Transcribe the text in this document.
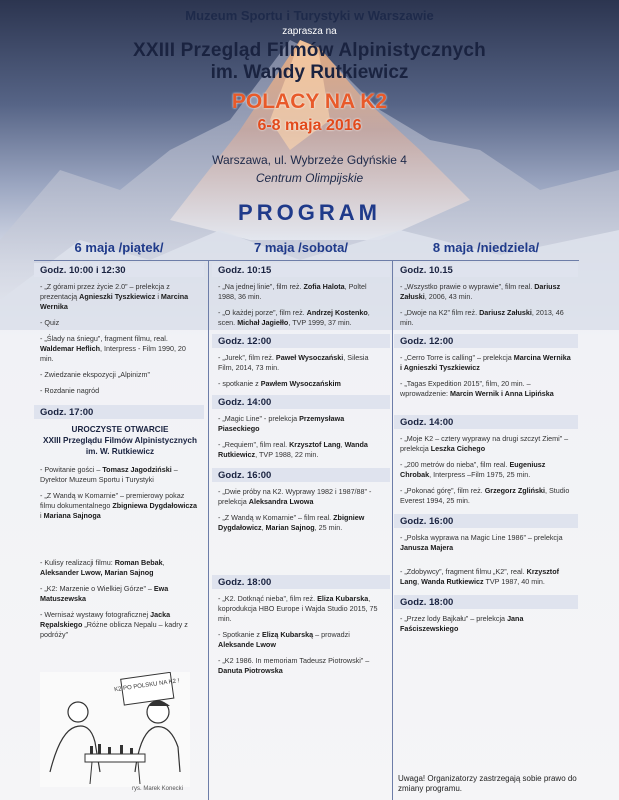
Muzeum Sportu i Turystyki w Warszawie
zaprasza na
XXIII Przegląd Filmów Alpinistycznych
im. Wandy Rutkiewicz
POLACY NA K2
6-8 maja 2016
Warszawa, ul. Wybrzeże Gdyńskie 4
Centrum Olimpijskie
PROGRAM
6 maja /piątek/
Godz. 10:00 i 12:30

- „Z górami przez życie 2.0” – prelekcja z prezentacją Agnieszki Tyszkiewicz i Marcina Wernika

- Quiz

- „Ślady na śniegu”, fragment filmu, real. Waldemar Heflich, Interpress - Film 1990, 20 min.

- Zwiedzanie ekspozycji „Alpinizm”

- Rozdanie nagród

Godz. 17:00
UROCZYSTE OTWARCIE
XXIII Przeglądu Filmów Alpinistycznych
im. W. Rutkiewicz

- Powitanie gości – Tomasz Jagodziński – Dyrektor Muzeum Sportu i Turystyki

- „Z Wandą w Komarnie” – premierowy pokaz filmu dokumentalnego Zbigniewa Dygdałowicza i Mariana Sajnoga

- Kulisy realizacji filmu: Roman Bebak, Aleksander Lwow, Marian Sajnog

- „K2: Marzenie o Wielkiej Górze” – Ewa Matuszewska

- Wernisaż wystawy fotograficznej Jacka Rępalskiego „Różne oblicza Nepalu – kadry z podróży”

K2 PO POLSKU NA K2 !
rys. Marek Konecki
7 maja /sobota/
Godz. 10:15

- „Na jednej linie”, film reż. Zofia Halota, Poltel 1988, 36 min.

- „O każdej porze”, film reż. Andrzej Kostenko, scen. Michał Jagiełło, TVP 1999, 37 min.

Godz. 12:00

- „Jurek”, film reż. Paweł Wysoczański, Silesia Film, 2014, 73 min.

- spotkanie z Pawłem Wysoczańskim

Godz. 14:00

- „Magic Line” - prelekcja Przemysława Piaseckiego

- „Requiem”, film real. Krzysztof Lang, Wanda Rutkiewicz, TVP 1988, 22 min.

Godz. 16:00

- „Dwie próby na K2. Wyprawy 1982 i 1987/88” - prelekcja Aleksandra Lwowa

- „Z Wandą w Komarnie” – film real. Zbigniew Dygdałowicz, Marian Sajnog, 25 min.

Godz. 18:00

- „K2. Dotknąć nieba”, film reż. Eliza Kubarska, koprodukcja HBO Europe i Wajda Studio 2015, 75 min.

- Spotkanie z Elizą Kubarską – prowadzi Aleksande Lwow

- „K2 1986. In memoriam Tadeusz Piotrowski” – Danuta Piotrowska

8 maja /niedziela/
Godz. 10.15

- „Wszystko prawie o wyprawie”, film real. Dariusz Załuski, 2006, 43 min.

- „Dwoje na K2” film reż. Dariusz Załuski, 2013, 46 min.

Godz. 12:00

- „Cerro Torre is calling” – prelekcja Marcina Wernika i Agnieszki Tyszkiewicz

- „Tagas Expedition 2015”, film, 20 min. – wprowadzenie: Marcin Wernik i Anna Lipińska

Godz. 14:00

- „Moje K2 – cztery wyprawy na drugi szczyt Ziemi” – prelekcja Leszka Cichego

- „200 metrów do nieba”, film real. Eugeniusz Chrobak, Interpress –Film 1975, 25 min.

- „Pokonać górę”, film reż. Grzegorz Zgliński, Studio Everest 1994, 25 min.

Godz. 16:00

- „Polska wyprawa na Magic Line 1986” – prelekcja Janusza Majera

- „Zdobywcy”, fragment filmu „K2”, real. Krzysztof Lang, Wanda Rutkiewicz TVP 1987, 40 min.

Godz. 18:00

- „Przez lody Bajkału” – prelekcja Jana Faściszewskiego

Uwaga! Organizatorzy zastrzegają sobie prawo do zmiany programu.
